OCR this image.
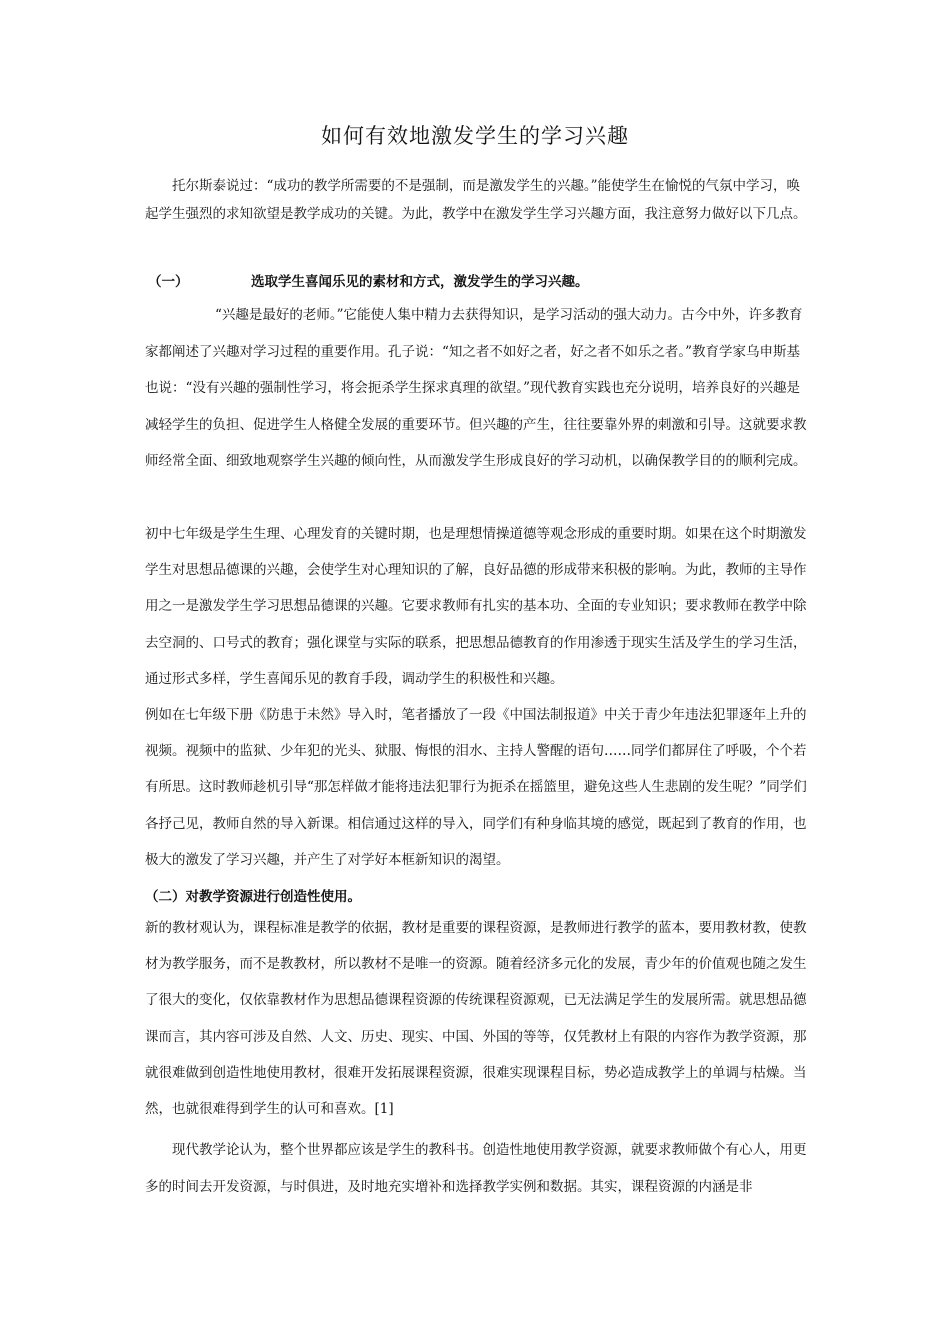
如何有效地激发学生的学习兴趣

托尔斯泰说过：“成功的教学所需要的不是强制，而是激发学生的兴趣。”能使学生在愉悦的气氛中学习，唤起学生强烈的求知欲望是教学成功的关键。为此，教学中在激发学生学习兴趣方面，我注意努力做好以下几点。

（一）	选取学生喜闻乐见的素材和方式，激发学生的学习兴趣。

“兴趣是最好的老师。”它能使人集中精力去获得知识，是学习活动的强大动力。古今中外，许多教育家都阐述了兴趣对学习过程的重要作用。孔子说：“知之者不如好之者，好之者不如乐之者。”教育学家乌申斯基也说：“没有兴趣的强制性学习，将会扼杀学生探求真理的欲望。”现代教育实践也充分说明，培养良好的兴趣是减轻学生的负担、促进学生人格健全发展的重要环节。但兴趣的产生，往往要靠外界的刺激和引导。这就要求教师经常全面、细致地观察学生兴趣的倾向性，从而激发学生形成良好的学习动机，以确保教学目的的顺利完成。

初中七年级是学生生理、心理发育的关键时期，也是理想情操道德等观念形成的重要时期。如果在这个时期激发学生对思想品德课的兴趣，会使学生对心理知识的了解，良好品德的形成带来积极的影响。为此，教师的主导作用之一是激发学生学习思想品德课的兴趣。它要求教师有扎实的基本功、全面的专业知识；要求教师在教学中除去空洞的、口号式的教育；强化课堂与实际的联系，把思想品德教育的作用渗透于现实生活及学生的学习生活，通过形式多样，学生喜闻乐见的教育手段，调动学生的积极性和兴趣。

例如在七年级下册《防患于未然》导入时，笔者播放了一段《中国法制报道》中关于青少年违法犯罪逐年上升的视频。视频中的监狱、少年犯的光头、狱服、悔恨的泪水、主持人警醒的语句……同学们都屏住了呼吸，个个若有所思。这时教师趁机引导“那怎样做才能将违法犯罪行为扼杀在摇篮里，避免这些人生悲剧的发生呢？”同学们各抒己见，教师自然的导入新课。相信通过这样的导入，同学们有种身临其境的感觉，既起到了教育的作用，也极大的激发了学习兴趣，并产生了对学好本框新知识的渴望。

（二）对教学资源进行创造性使用。

新的教材观认为，课程标准是教学的依据，教材是重要的课程资源，是教师进行教学的蓝本，要用教材教，使教材为教学服务，而不是教教材，所以教材不是唯一的资源。随着经济多元化的发展，青少年的价值观也随之发生了很大的变化，仅依靠教材作为思想品德课程资源的传统课程资源观，已无法满足学生的发展所需。就思想品德课而言，其内容可涉及自然、人文、历史、现实、中国、外国的等等，仅凭教材上有限的内容作为教学资源，那就很难做到创造性地使用教材，很难开发拓展课程资源，很难实现课程目标，势必造成教学上的单调与枯燥。当然，也就很难得到学生的认可和喜欢。[1]

现代教学论认为，整个世界都应该是学生的教科书。创造性地使用教学资源，就要求教师做个有心人，用更多的时间去开发资源，与时俱进，及时地充实增补和选择教学实例和数据。其实，课程资源的内涵是非
